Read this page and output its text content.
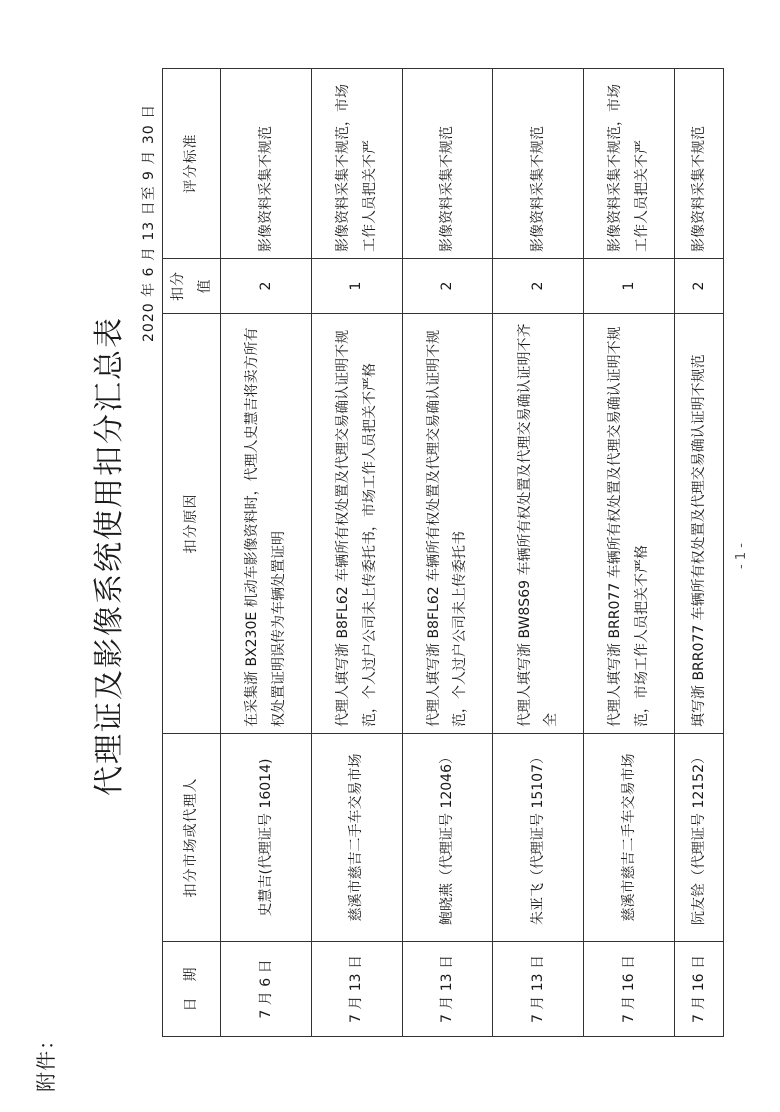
附件：
代理证及影像系统使用扣分汇总表
2020 年 6 月 13 日至 9 月 30 日
日　期	扣分市场或代理人	扣分原因	扣分值	评分标准
7 月 6 日	史慧吉(代理证号 16014)	在采集浙 BX230E 机动车影像资料时，代理人史慧吉将卖方所有权处置证明误传为车辆处置证明	2	影像资料采集不规范
7 月 13 日	慈溪市慈吉二手车交易市场	代理人填写浙 B8FL62 车辆所有权处置及代理交易确认证明不规范，个人过户公司未上传委托书，市场工作人员把关不严格	1	影像资料采集不规范，市场工作人员把关不严
7 月 13 日	鲍晓燕（代理证号 12046）	代理人填写浙 B8FL62 车辆所有权处置及代理交易确认证明不规范，个人过户公司未上传委托书	2	影像资料采集不规范
7 月 13 日	朱亚飞（代理证号 15107）	代理人填写浙 BW8S69 车辆所有权处置及代理交易确认证明不齐全	2	影像资料采集不规范
7 月 16 日	慈溪市慈吉二手车交易市场	代理人填写浙 BRR077 车辆所有权处置及代理交易确认证明不规范，市场工作人员把关不严格	1	影像资料采集不规范，市场工作人员把关不严
7 月 16 日	阮友铨（代理证号 12152）	填写浙 BRR077 车辆所有权处置及代理交易确认证明不规范	2	影像资料采集不规范
- 1 -
